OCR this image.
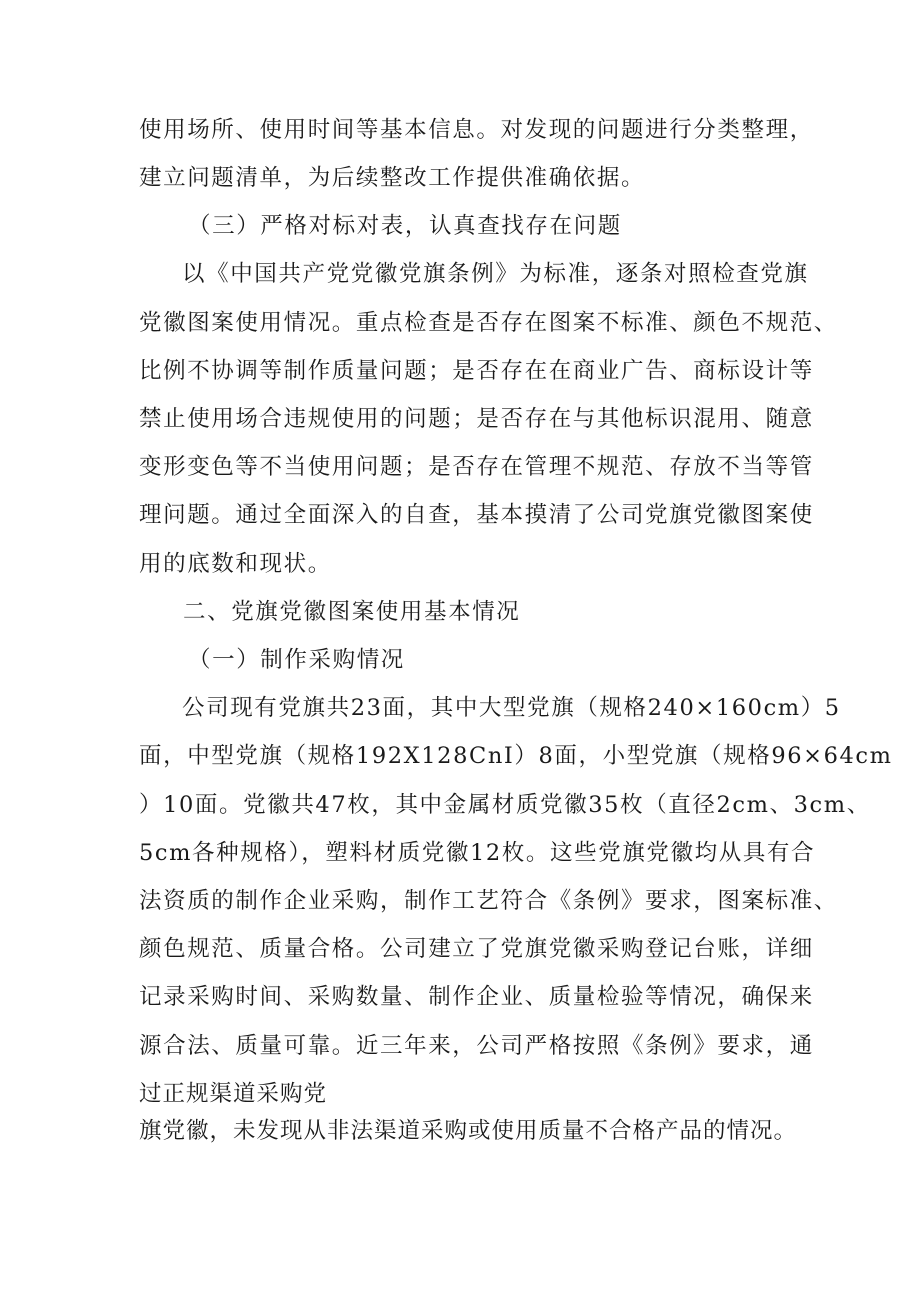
使用场所、使用时间等基本信息。对发现的问题进行分类整理，
建立问题清单，为后续整改工作提供准确依据。
（三）严格对标对表，认真查找存在问题
以《中国共产党党徽党旗条例》为标准，逐条对照检查党旗
党徽图案使用情况。重点检查是否存在图案不标准、颜色不规范、
比例不协调等制作质量问题；是否存在在商业广告、商标设计等
禁止使用场合违规使用的问题；是否存在与其他标识混用、随意
变形变色等不当使用问题；是否存在管理不规范、存放不当等管
理问题。通过全面深入的自查，基本摸清了公司党旗党徽图案使
用的底数和现状。
二、党旗党徽图案使用基本情况
（一）制作采购情况
公司现有党旗共23面，其中大型党旗（规格240×160cm）5
面，中型党旗（规格192X128CnI）8面，小型党旗（规格96×64cm
）10面。党徽共47枚，其中金属材质党徽35枚（直径2cm、3cm、
5cm各种规格），塑料材质党徽12枚。这些党旗党徽均从具有合
法资质的制作企业采购，制作工艺符合《条例》要求，图案标准、
颜色规范、质量合格。公司建立了党旗党徽采购登记台账，详细
记录采购时间、采购数量、制作企业、质量检验等情况，确保来
源合法、质量可靠。近三年来，公司严格按照《条例》要求，通
过正规渠道采购党
旗党徽，未发现从非法渠道采购或使用质量不合格产品的情况。
